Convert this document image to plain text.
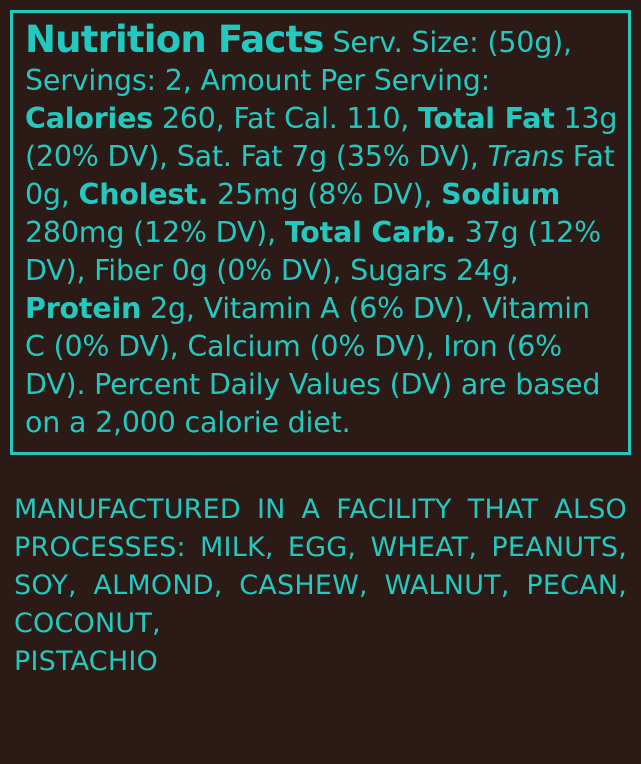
Nutrition Facts Serv. Size: (50g), Servings: 2, Amount Per Serving: Calories 260, Fat Cal. 110, Total Fat 13g (20% DV), Sat. Fat 7g (35% DV), Trans Fat 0g, Cholest. 25mg (8% DV), Sodium 280mg (12% DV), Total Carb. 37g (12% DV), Fiber 0g (0% DV), Sugars 24g, Protein 2g, Vitamin A (6% DV), Vitamin C (0% DV), Calcium (0% DV), Iron (6% DV). Percent Daily Values (DV) are based on a 2,000 calorie diet.
MANUFACTURED IN A FACILITY THAT ALSO PROCESSES: MILK, EGG, WHEAT, PEANUTS, SOY, ALMOND, CASHEW, WALNUT, PECAN, COCONUT,
PISTACHIO
